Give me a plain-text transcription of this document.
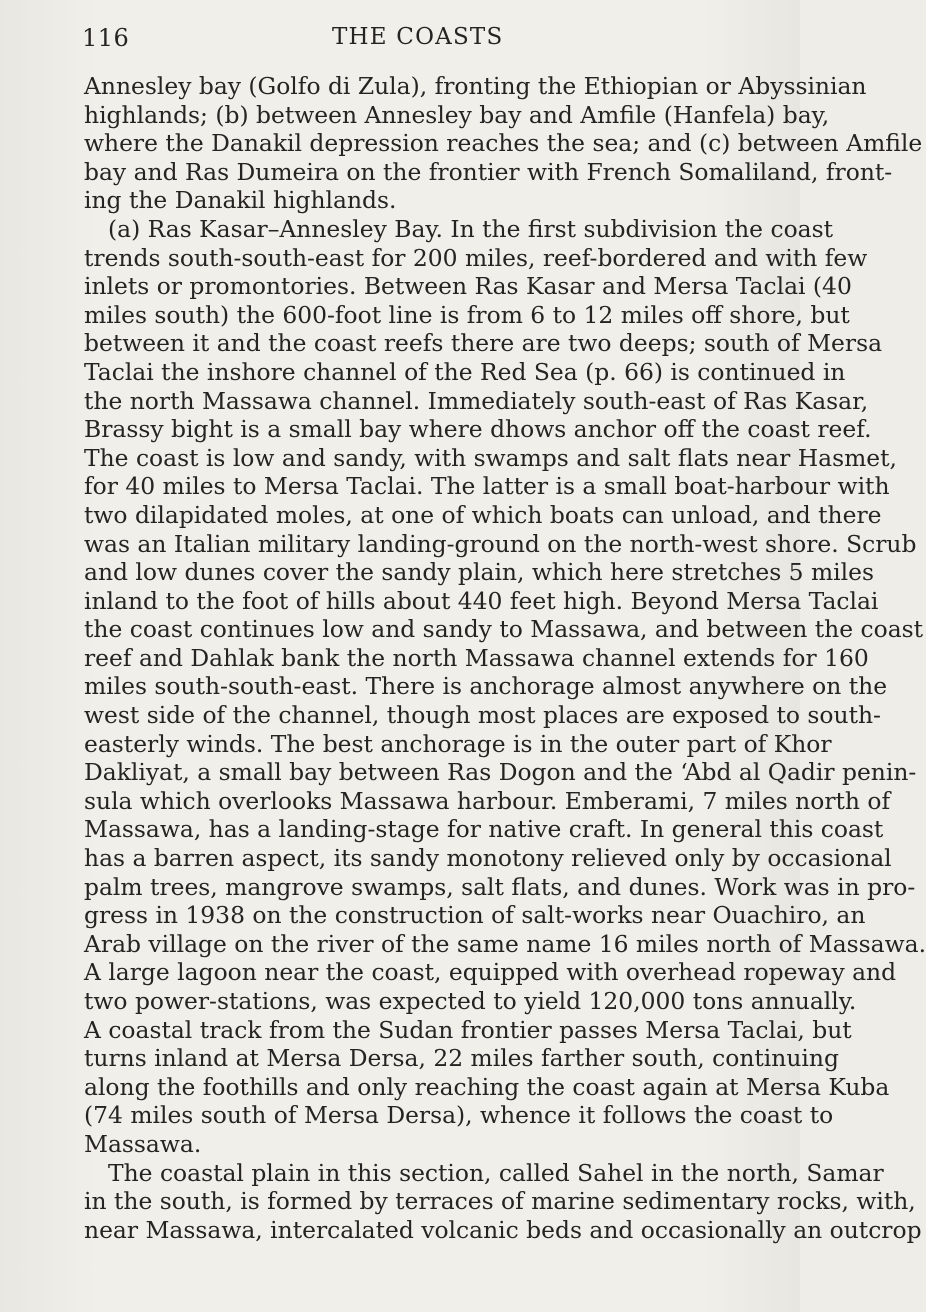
116	THE COASTS
Annesley bay (Golfo di Zula), fronting the Ethiopian or Abyssinian
highlands; (b) between Annesley bay and Amfile (Hanfela) bay,
where the Danakil depression reaches the sea; and (c) between Amfile
bay and Ras Dumeira on the frontier with French Somaliland, front-
ing the Danakil highlands.
(a) Ras Kasar–Annesley Bay. In the first subdivision the coast
trends south-south-east for 200 miles, reef-bordered and with few
inlets or promontories. Between Ras Kasar and Mersa Taclai (40
miles south) the 600-foot line is from 6 to 12 miles off shore, but
between it and the coast reefs there are two deeps; south of Mersa
Taclai the inshore channel of the Red Sea (p. 66) is continued in
the north Massawa channel. Immediately south-east of Ras Kasar,
Brassy bight is a small bay where dhows anchor off the coast reef.
The coast is low and sandy, with swamps and salt flats near Hasmet,
for 40 miles to Mersa Taclai. The latter is a small boat-harbour with
two dilapidated moles, at one of which boats can unload, and there
was an Italian military landing-ground on the north-west shore. Scrub
and low dunes cover the sandy plain, which here stretches 5 miles
inland to the foot of hills about 440 feet high. Beyond Mersa Taclai
the coast continues low and sandy to Massawa, and between the coast
reef and Dahlak bank the north Massawa channel extends for 160
miles south-south-east. There is anchorage almost anywhere on the
west side of the channel, though most places are exposed to south-
easterly winds. The best anchorage is in the outer part of Khor
Dakliyat, a small bay between Ras Dogon and the ‘Abd al Qadir penin-
sula which overlooks Massawa harbour. Emberami, 7 miles north of
Massawa, has a landing-stage for native craft. In general this coast
has a barren aspect, its sandy monotony relieved only by occasional
palm trees, mangrove swamps, salt flats, and dunes. Work was in pro-
gress in 1938 on the construction of salt-works near Ouachiro, an
Arab village on the river of the same name 16 miles north of Massawa.
A large lagoon near the coast, equipped with overhead ropeway and
two power-stations, was expected to yield 120,000 tons annually.
A coastal track from the Sudan frontier passes Mersa Taclai, but
turns inland at Mersa Dersa, 22 miles farther south, continuing
along the foothills and only reaching the coast again at Mersa Kuba
(74 miles south of Mersa Dersa), whence it follows the coast to
Massawa.
The coastal plain in this section, called Sahel in the north, Samar
in the south, is formed by terraces of marine sedimentary rocks, with,
near Massawa, intercalated volcanic beds and occasionally an outcrop
